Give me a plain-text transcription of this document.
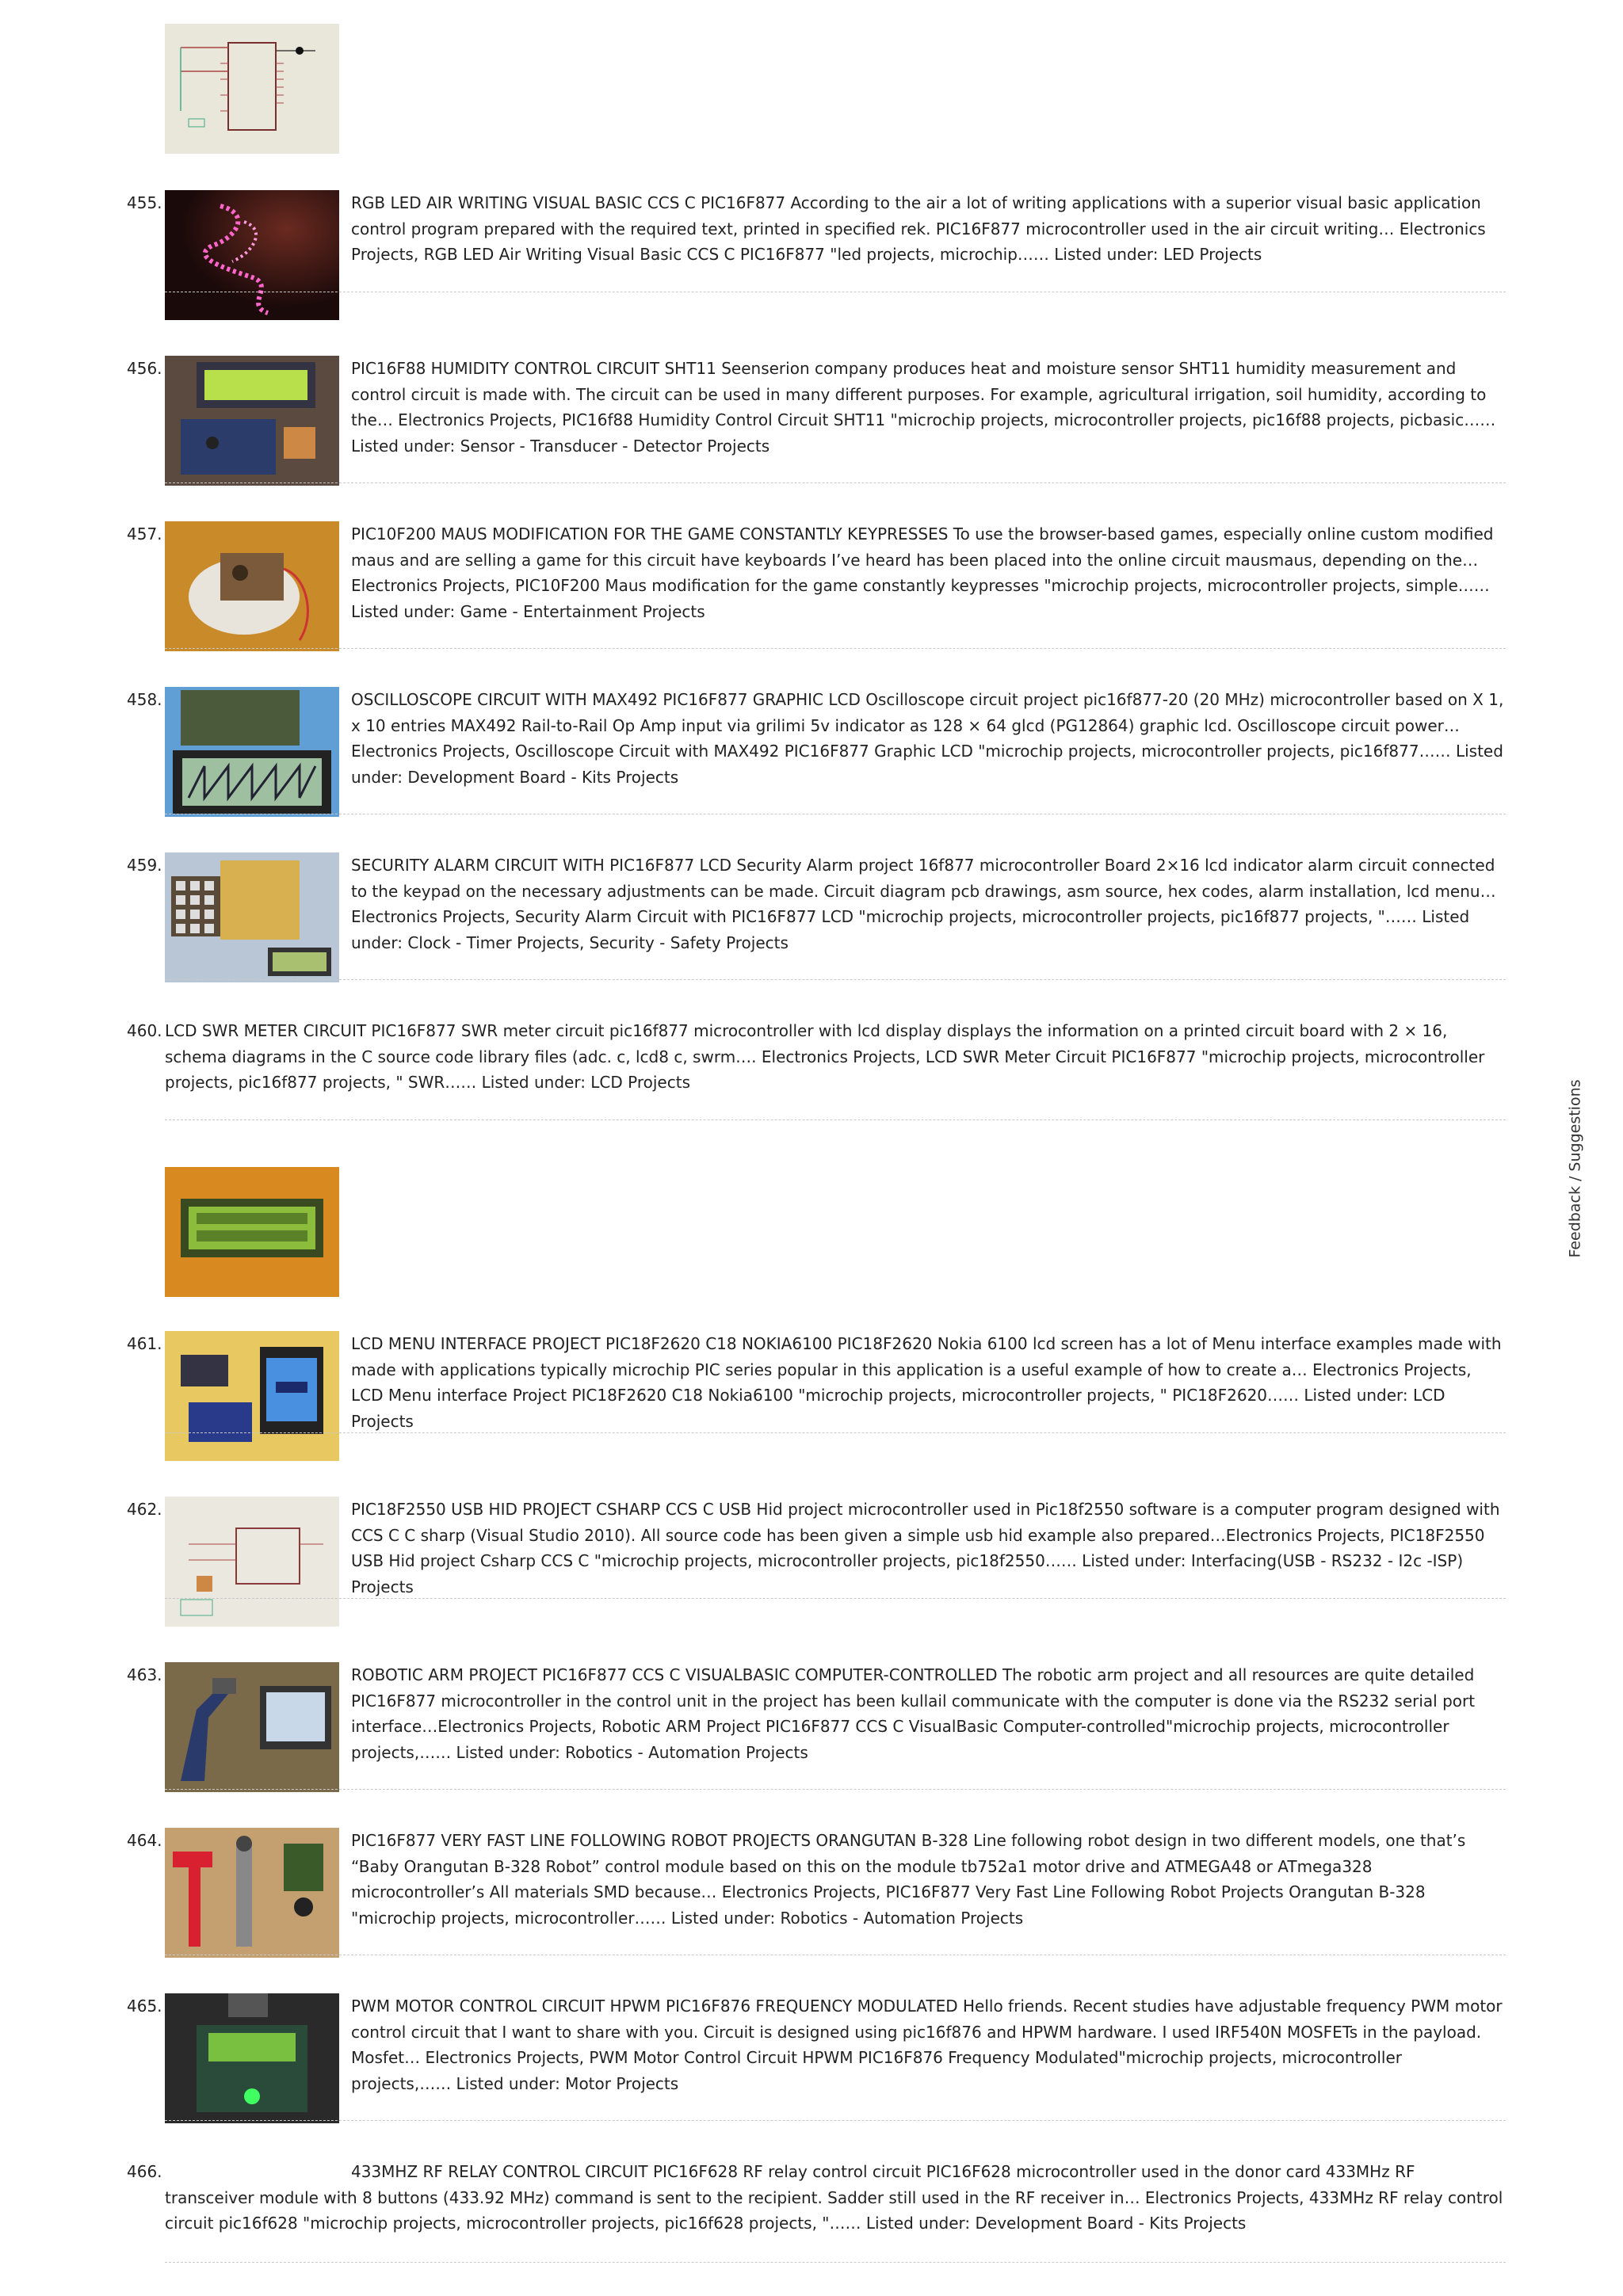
455.	RGB LED AIR WRITING VISUAL BASIC CCS C PIC16F877 According to the air a lot of writing applications with a superior visual basic application control program prepared with the required text, printed in specified rek. PIC16F877 microcontroller used in the air circuit writing… Electronics Projects, RGB LED Air Writing Visual Basic CCS C PIC16F877 "led projects, microchip…… Listed under: LED Projects

456.	PIC16F88 HUMIDITY CONTROL CIRCUIT SHT11 Seenserion company produces heat and moisture sensor SHT11 humidity measurement and control circuit is made with. The circuit can be used in many different purposes. For example, agricultural irrigation, soil humidity, according to the… Electronics Projects, PIC16f88 Humidity Control Circuit SHT11 "microchip projects, microcontroller projects, pic16f88 projects, picbasic…… Listed under: Sensor - Transducer - Detector Projects

457.	PIC10F200 MAUS MODIFICATION FOR THE GAME CONSTANTLY KEYPRESSES To use the browser-based games, especially online custom modified maus and are selling a game for this circuit have keyboards I’ve heard has been placed into the online circuit mausmaus, depending on the…Electronics Projects, PIC10F200 Maus modification for the game constantly keypresses "microchip projects, microcontroller projects, simple…… Listed under: Game - Entertainment Projects

458.	OSCILLOSCOPE CIRCUIT WITH MAX492 PIC16F877 GRAPHIC LCD Oscilloscope circuit project pic16f877-20 (20 MHz) microcontroller based on X 1, x 10 entries MAX492 Rail-to-Rail Op Amp input via grilimi 5v indicator as 128 × 64 glcd (PG12864) graphic lcd. Oscilloscope circuit power… Electronics Projects, Oscilloscope Circuit with MAX492 PIC16F877 Graphic LCD "microchip projects, microcontroller projects, pic16f877…… Listed under: Development Board - Kits Projects

459.	SECURITY ALARM CIRCUIT WITH PIC16F877 LCD Security Alarm project 16f877 microcontroller Board 2×16 lcd indicator alarm circuit connected to the keypad on the necessary adjustments can be made. Circuit diagram pcb drawings, asm source, hex codes, alarm installation, lcd menu… Electronics Projects, Security Alarm Circuit with PIC16F877 LCD "microchip projects, microcontroller projects, pic16f877 projects, "…… Listed under: Clock - Timer Projects, Security - Safety Projects

460. LCD SWR METER CIRCUIT PIC16F877 SWR meter circuit pic16f877 microcontroller with lcd display displays the information on a printed circuit board with 2 × 16, schema diagrams in the C source code library files (adc. c, lcd8 c, swrm…. Electronics Projects, LCD SWR Meter Circuit PIC16F877 "microchip projects, microcontroller projects, pic16f877 projects, " SWR…… Listed under: LCD Projects

461.	LCD MENU INTERFACE PROJECT PIC18F2620 C18 NOKIA6100 PIC18F2620 Nokia 6100 lcd screen has a lot of Menu interface examples made with made with applications typically microchip PIC series popular in this application is a useful example of how to create a… Electronics Projects, LCD Menu interface Project PIC18F2620 C18 Nokia6100 "microchip projects, microcontroller projects, " PIC18F2620…… Listed under: LCD Projects

462.	PIC18F2550 USB HID PROJECT CSHARP CCS C USB Hid project microcontroller used in Pic18f2550 software is a computer program designed with CCS C C sharp (Visual Studio 2010). All source code has been given a simple usb hid example also prepared…Electronics Projects, PIC18F2550 USB Hid project Csharp CCS C "microchip projects, microcontroller projects, pic18f2550…… Listed under: Interfacing(USB - RS232 - I2c -ISP) Projects

463.	ROBOTIC ARM PROJECT PIC16F877 CCS C VISUALBASIC COMPUTER-CONTROLLED The robotic arm project and all resources are quite detailed PIC16F877 microcontroller in the control unit in the project has been kullail communicate with the computer is done via the RS232 serial port interface…Electronics Projects, Robotic ARM Project PIC16F877 CCS C VisualBasic Computer-controlled"microchip projects, microcontroller projects,…… Listed under: Robotics - Automation Projects

464.	PIC16F877 VERY FAST LINE FOLLOWING ROBOT PROJECTS ORANGUTAN B-328 Line following robot design in two different models, one that’s “Baby Orangutan B-328 Robot” control module based on this on the module tb752a1 motor drive and ATMEGA48 or ATmega328 microcontroller’s All materials SMD because… Electronics Projects, PIC16F877 Very Fast Line Following Robot Projects Orangutan B-328 "microchip projects, microcontroller…… Listed under: Robotics - Automation Projects

465.	PWM MOTOR CONTROL CIRCUIT HPWM PIC16F876 FREQUENCY MODULATED Hello friends. Recent studies have adjustable frequency PWM motor control circuit that I want to share with you. Circuit is designed using pic16f876 and HPWM hardware. I used IRF540N MOSFETs in the payload. Mosfet… Electronics Projects, PWM Motor Control Circuit HPWM PIC16F876 Frequency Modulated"microchip projects, microcontroller projects,…… Listed under: Motor Projects

466.	433MHZ RF RELAY CONTROL CIRCUIT PIC16F628 RF relay control circuit PIC16F628 microcontroller used in the donor card 433MHz RF transceiver module with 8 buttons (433.92 MHz) command is sent to the recipient. Sadder still used in the RF receiver in… Electronics Projects, 433MHz RF relay control circuit pic16f628 "microchip projects, microcontroller projects, pic16f628 projects, "…… Listed under: Development Board - Kits Projects

Feedback / Suggestions
